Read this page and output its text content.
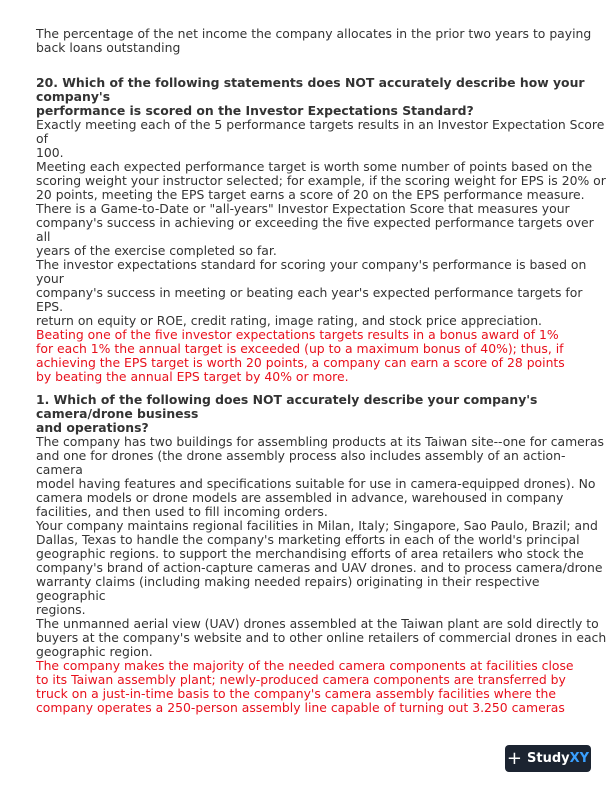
The percentage of the net income the company allocates in the prior two years to paying

back loans outstanding

20. Which of the following statements does NOT accurately describe how your

company's

performance is scored on the Investor Expectations Standard?

Exactly meeting each of the 5 performance targets results in an Investor Expectation Score

of

100.

Meeting each expected performance target is worth some number of points based on the

scoring weight your instructor selected; for example, if the scoring weight for EPS is 20% or

20 points, meeting the EPS target earns a score of 20 on the EPS performance measure.

There is a Game-to-Date or "all-years" Investor Expectation Score that measures your

company's success in achieving or exceeding the five expected performance targets over

all

years of the exercise completed so far.

The investor expectations standard for scoring your company's performance is based on

your

company's success in meeting or beating each year's expected performance targets for

EPS.

return on equity or ROE, credit rating, image rating, and stock price appreciation.

Beating one of the five investor expectations targets results in a bonus award of 1%

for each 1% the annual target is exceeded (up to a maximum bonus of 40%); thus, if

achieving the EPS target is worth 20 points, a company can earn a score of 28 points

by beating the annual EPS target by 40% or more.

1. Which of the following does NOT accurately describe your company's

camera/drone business

and operations?

The company has two buildings for assembling products at its Taiwan site--one for cameras

and one for drones (the drone assembly process also includes assembly of an action-

camera

model having features and specifications suitable for use in camera-equipped drones). No

camera models or drone models are assembled in advance, warehoused in company

facilities, and then used to fill incoming orders.

Your company maintains regional facilities in Milan, Italy; Singapore, Sao Paulo, Brazil; and

Dallas, Texas to handle the company's marketing efforts in each of the world's principal

geographic regions. to support the merchandising efforts of area retailers who stock the

company's brand of action-capture cameras and UAV drones. and to process camera/drone

warranty claims (including making needed repairs) originating in their respective

geographic

regions.

The unmanned aerial view (UAV) drones assembled at the Taiwan plant are sold directly to

buyers at the company's website and to other online retailers of commercial drones in each

geographic region.

The company makes the majority of the needed camera components at facilities close

to its Taiwan assembly plant; newly-produced camera components are transferred by

truck on a just-in-time basis to the company's camera assembly facilities where the

company operates a 250-person assembly line capable of turning out 3.250 cameras

+ Study XY
